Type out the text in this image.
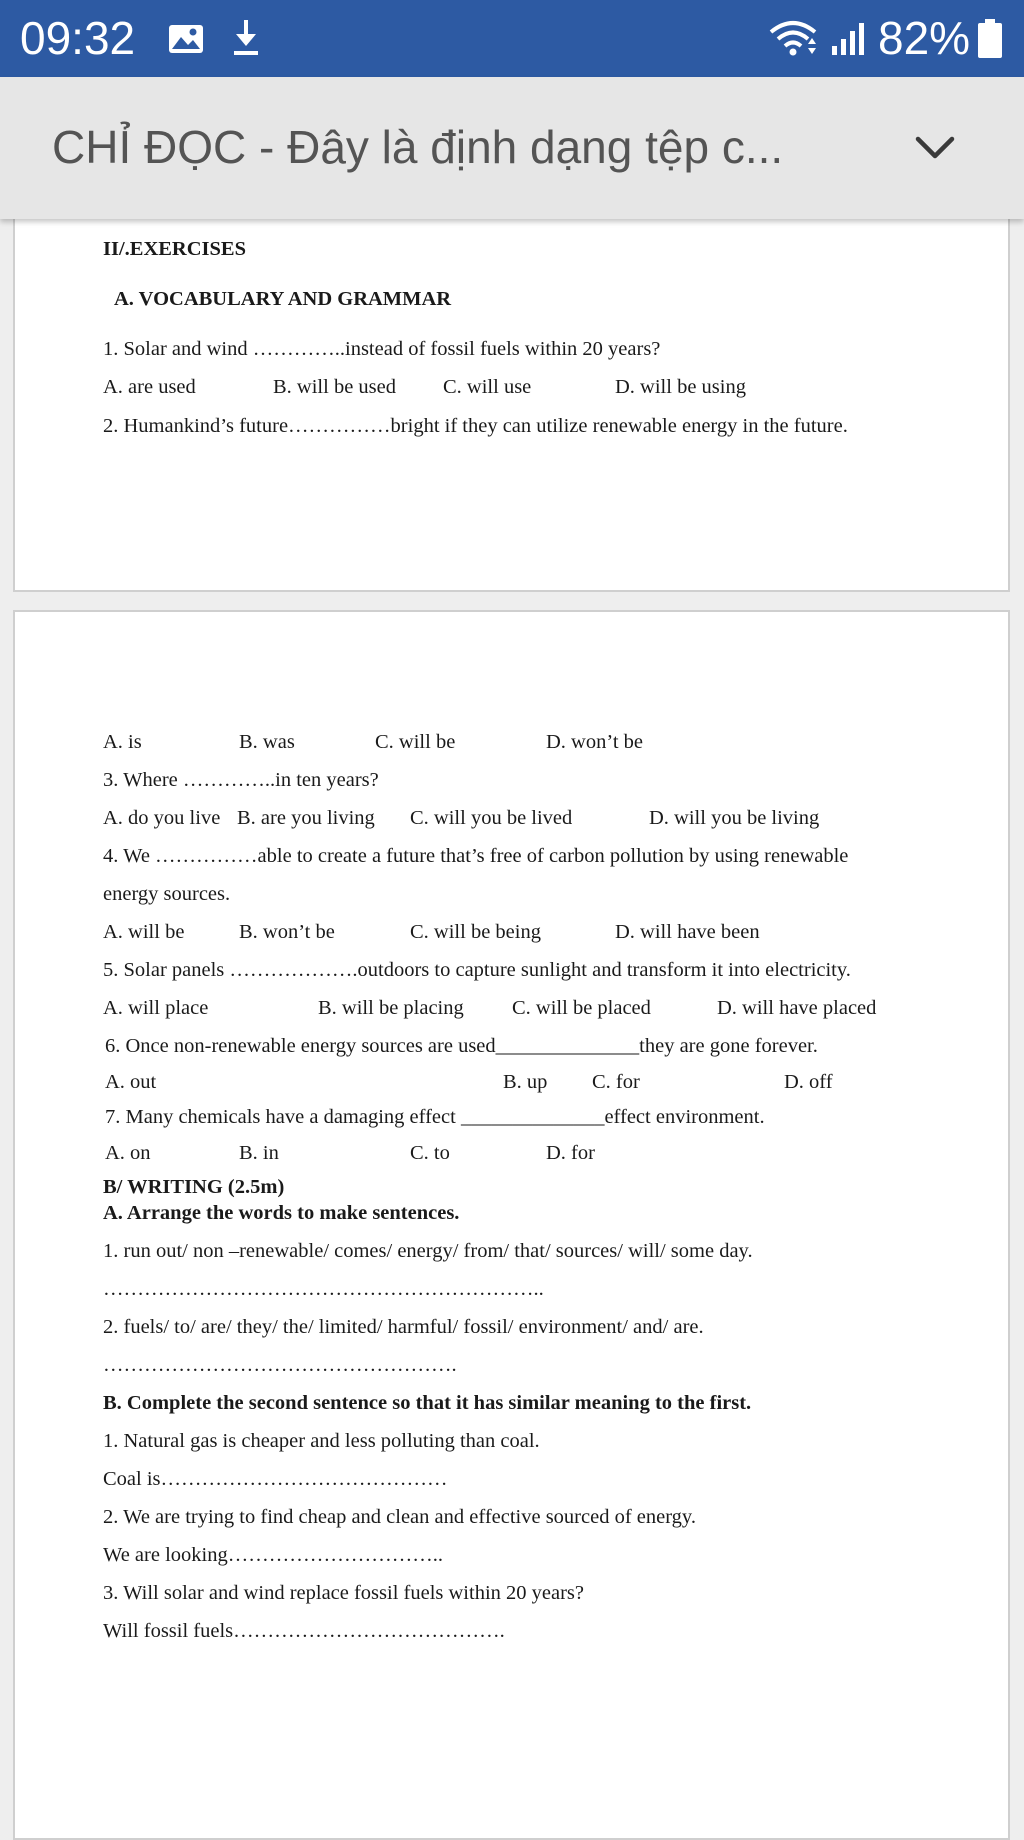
09:32	82%
CHỈ ĐỌC - Đây là định dạng tệp c...
II/.EXERCISES
A. VOCABULARY AND GRAMMAR
1. Solar and wind …………..instead of fossil fuels within 20 years?
A. are used	B. will be used C. will use	D. will be using
2. Humankind’s future……………bright if they can utilize renewable energy in the future.
A. is	B. was	C. will be	D. won’t be
3. Where …………..in ten years?
A. do you live B. are you living C. will you be lived	D. will you be living
4. We ……………able to create a future that’s free of carbon pollution by using renewable
energy sources.
A. will be	B. won’t be	C. will be being	D. will have been
5. Solar panels ……………….outdoors to capture sunlight and transform it into electricity.
A. will place	B. will be placing C. will be placed	D. will have placed
6. Once non-renewable energy sources are used______________they are gone forever.
A. out	B. up C. for	D. off
7. Many chemicals have a damaging effect ______________effect environment.
A. on	B. in	C. to	D. for
B/ WRITING (2.5m)
A. Arrange the words to make sentences.
1. run out/ non –renewable/ comes/ energy/ from/ that/ sources/ will/ some day.
………………………………………………………..
2. fuels/ to/ are/ they/ the/ limited/ harmful/ fossil/ environment/ and/ are.
…………………………………………….
B. Complete the second sentence so that it has similar meaning to the first.
1. Natural gas is cheaper and less polluting than coal.
Coal is……………………………………
2. We are trying to find cheap and clean and effective sourced of energy.
We are looking…………………………..
3. Will solar and wind replace fossil fuels within 20 years?
Will fossil fuels………………………………….
